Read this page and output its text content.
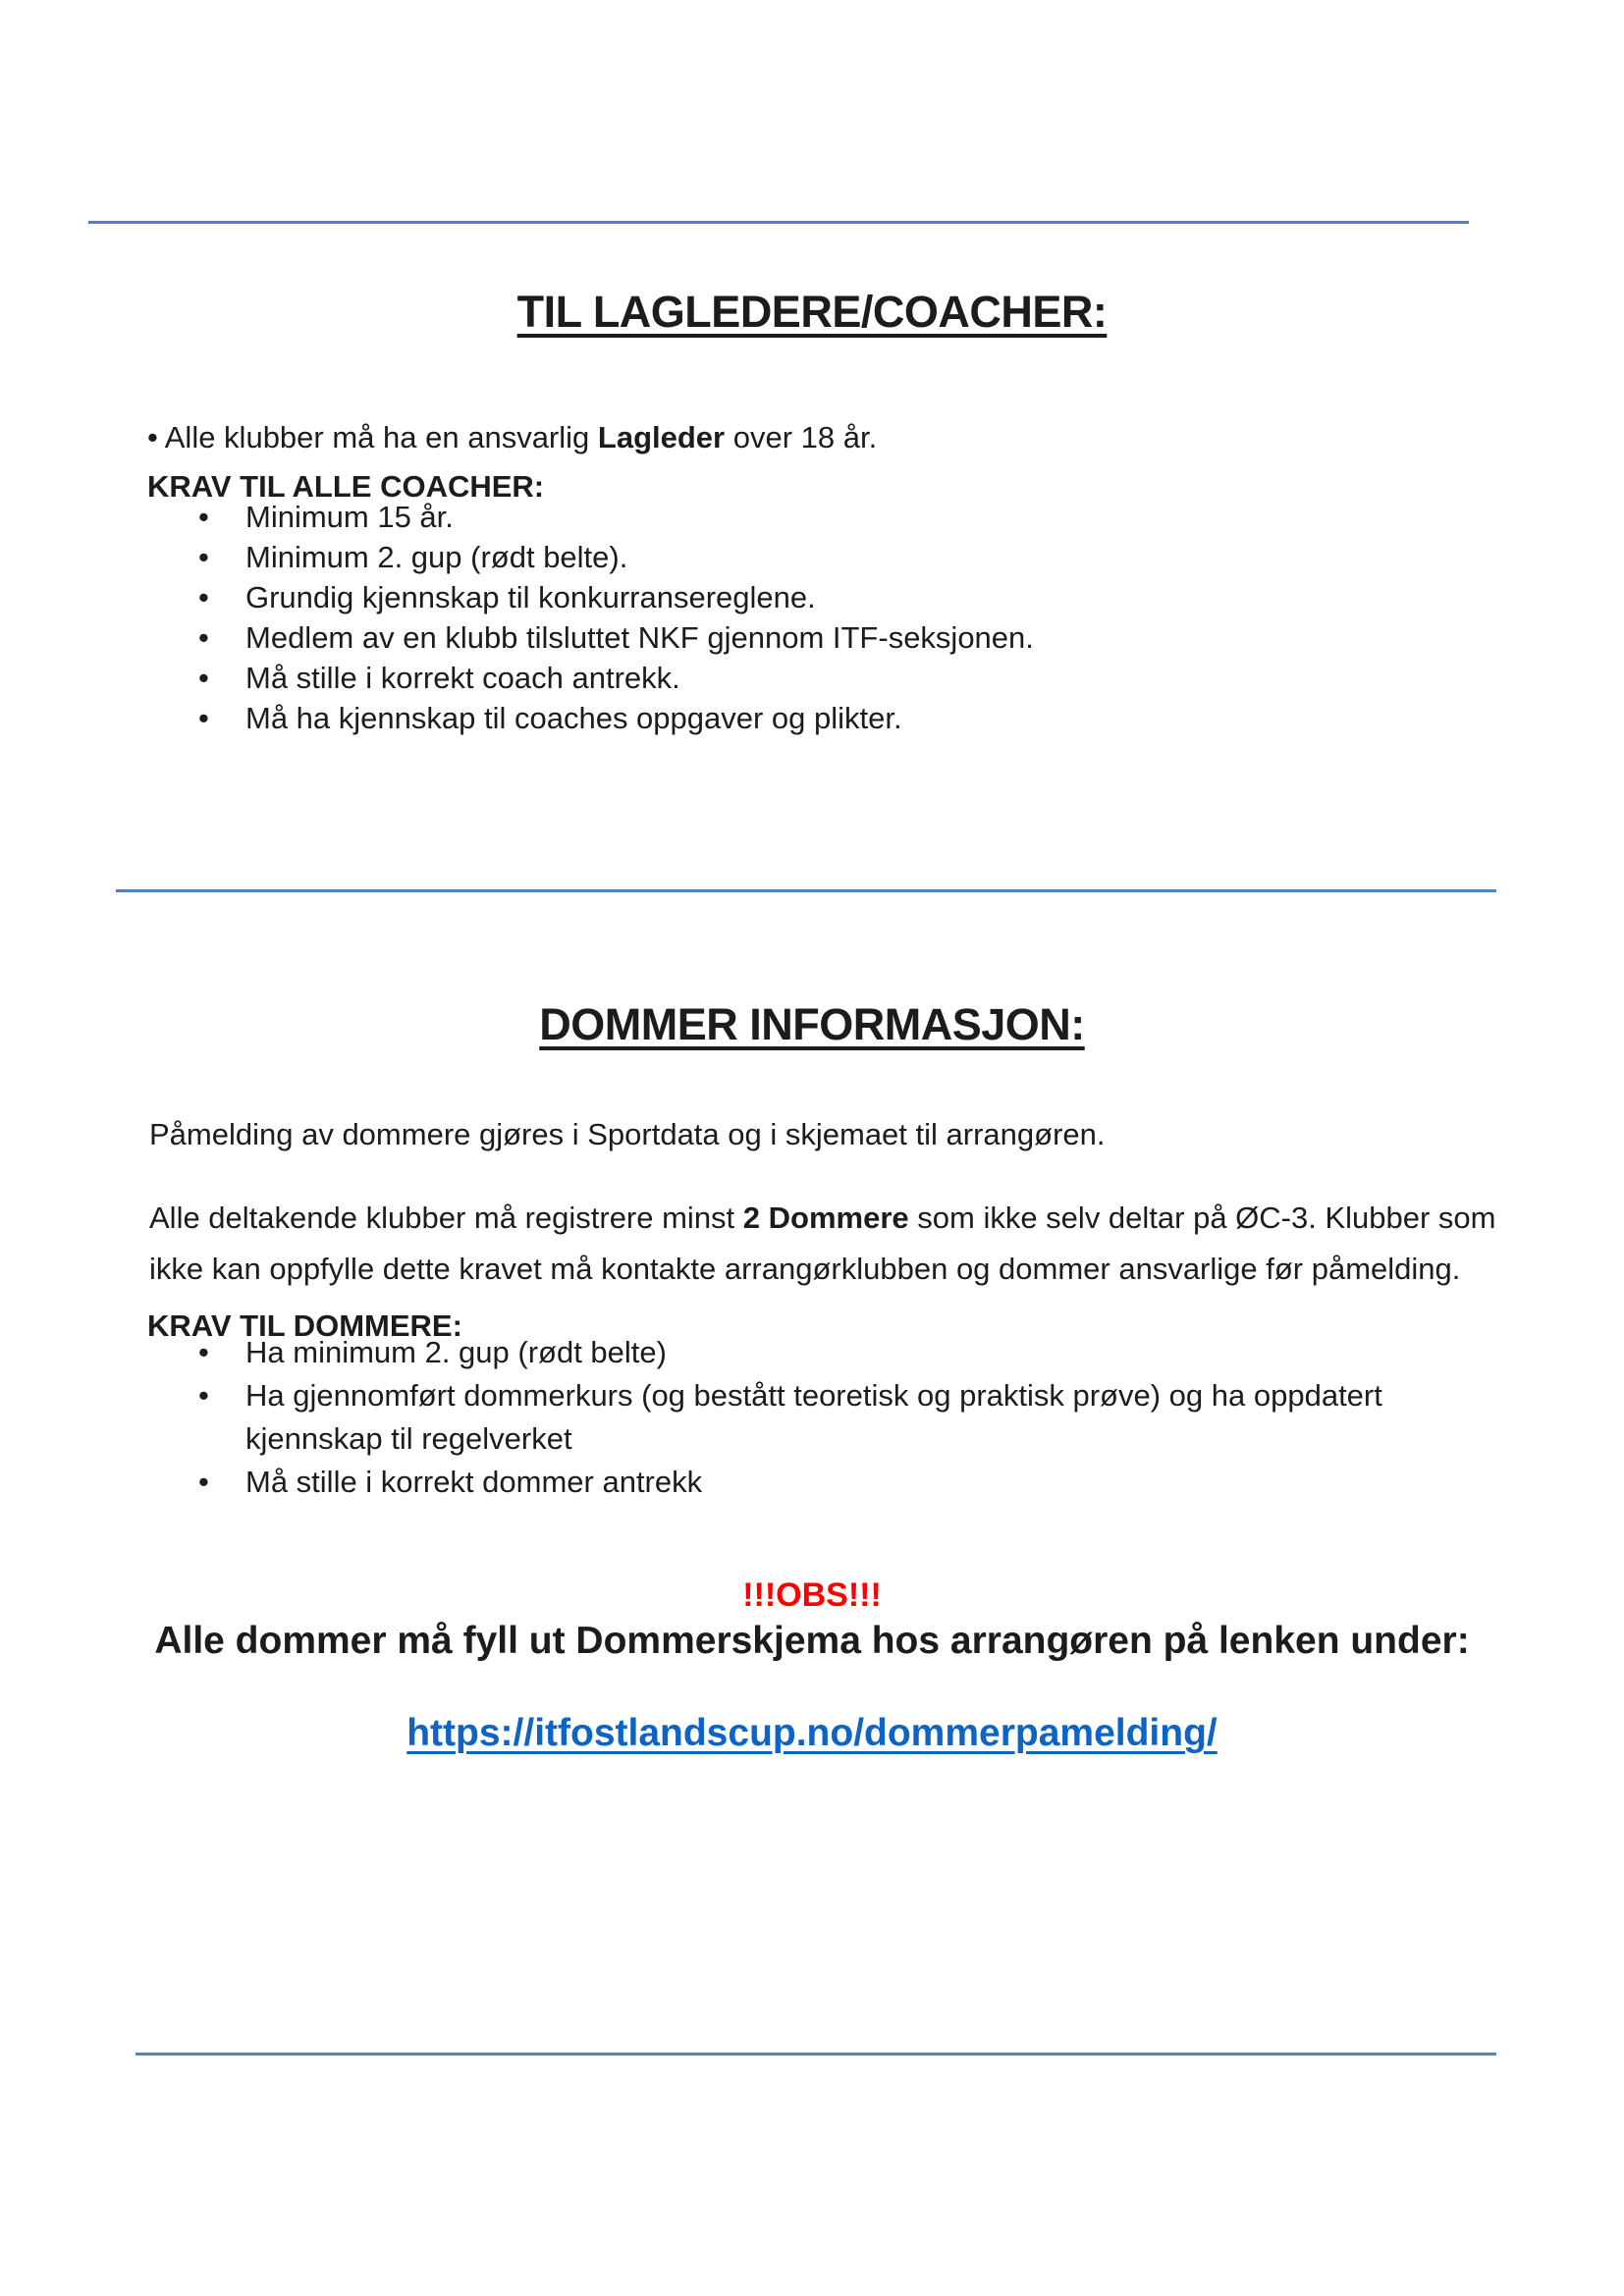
TIL LAGLEDERE/COACHER:

• Alle klubber må ha en ansvarlig Lagleder over 18 år.

KRAV TIL ALLE COACHER:
• Minimum 15 år.
• Minimum 2. gup (rødt belte).
• Grundig kjennskap til konkurransereglene.
• Medlem av en klubb tilsluttet NKF gjennom ITF-seksjonen.
• Må stille i korrekt coach antrekk.
• Må ha kjennskap til coaches oppgaver og plikter.
DOMMER INFORMASJON:

Påmelding av dommere gjøres i Sportdata og i skjemaet til arrangøren.

Alle deltakende klubber må registrere minst 2 Dommere som ikke selv deltar på ØC-3. Klubber som ikke kan oppfylle dette kravet må kontakte arrangørklubben og dommer ansvarlige før påmelding.

KRAV TIL DOMMERE:
• Ha minimum 2. gup (rødt belte)
• Ha gjennomført dommerkurs (og bestått teoretisk og praktisk prøve) og ha oppdatert kjennskap til regelverket
• Må stille i korrekt dommer antrekk
!!!OBS!!!
Alle dommer må fyll ut Dommerskjema hos arrangøren på lenken under:
https://itfostlandscup.no/dommerpamelding/
